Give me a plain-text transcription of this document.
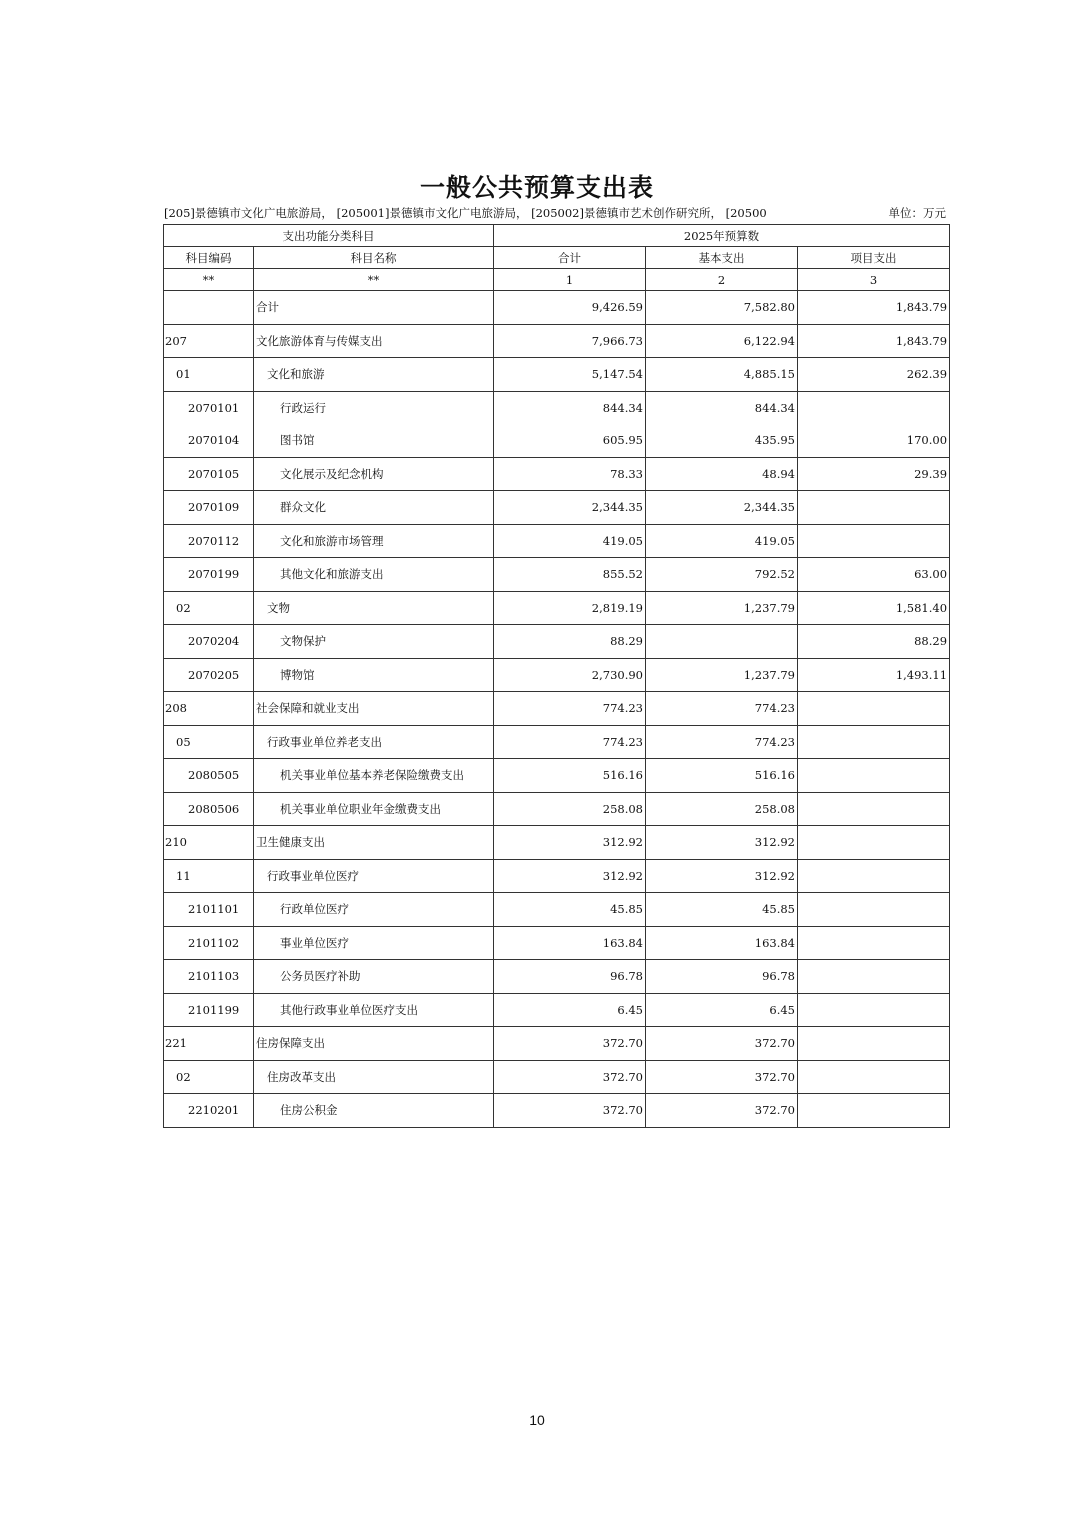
一般公共预算支出表
[205]景德镇市文化广电旅游局， [205001]景德镇市文化广电旅游局， [205002]景德镇市艺术创作研究所， [20500	单位：万元
支出功能分类科目		2025年预算数		
科目编码	科目名称	合计	基本支出	项目支出
**	**	1	2	3
	合计	9,426.59	7,582.80	1,843.79
207	文化旅游体育与传媒支出	7,966.73	6,122.94	1,843.79
01	文化和旅游	5,147.54	4,885.15	262.39
2070101	行政运行	844.34	844.34	
2070104	图书馆	605.95	435.95	170.00
2070105	文化展示及纪念机构	78.33	48.94	29.39
2070109	群众文化	2,344.35	2,344.35	
2070112	文化和旅游市场管理	419.05	419.05	
2070199	其他文化和旅游支出	855.52	792.52	63.00
02	文物	2,819.19	1,237.79	1,581.40
2070204	文物保护	88.29		88.29
2070205	博物馆	2,730.90	1,237.79	1,493.11
208	社会保障和就业支出	774.23	774.23	
05	行政事业单位养老支出	774.23	774.23	
2080505	机关事业单位基本养老保险缴费支出	516.16	516.16	
2080506	机关事业单位职业年金缴费支出	258.08	258.08	
210	卫生健康支出	312.92	312.92	
11	行政事业单位医疗	312.92	312.92	
2101101	行政单位医疗	45.85	45.85	
2101102	事业单位医疗	163.84	163.84	
2101103	公务员医疗补助	96.78	96.78	
2101199	其他行政事业单位医疗支出	6.45	6.45	
221	住房保障支出	372.70	372.70	
02	住房改革支出	372.70	372.70	
2210201	住房公积金	372.70	372.70	
10
